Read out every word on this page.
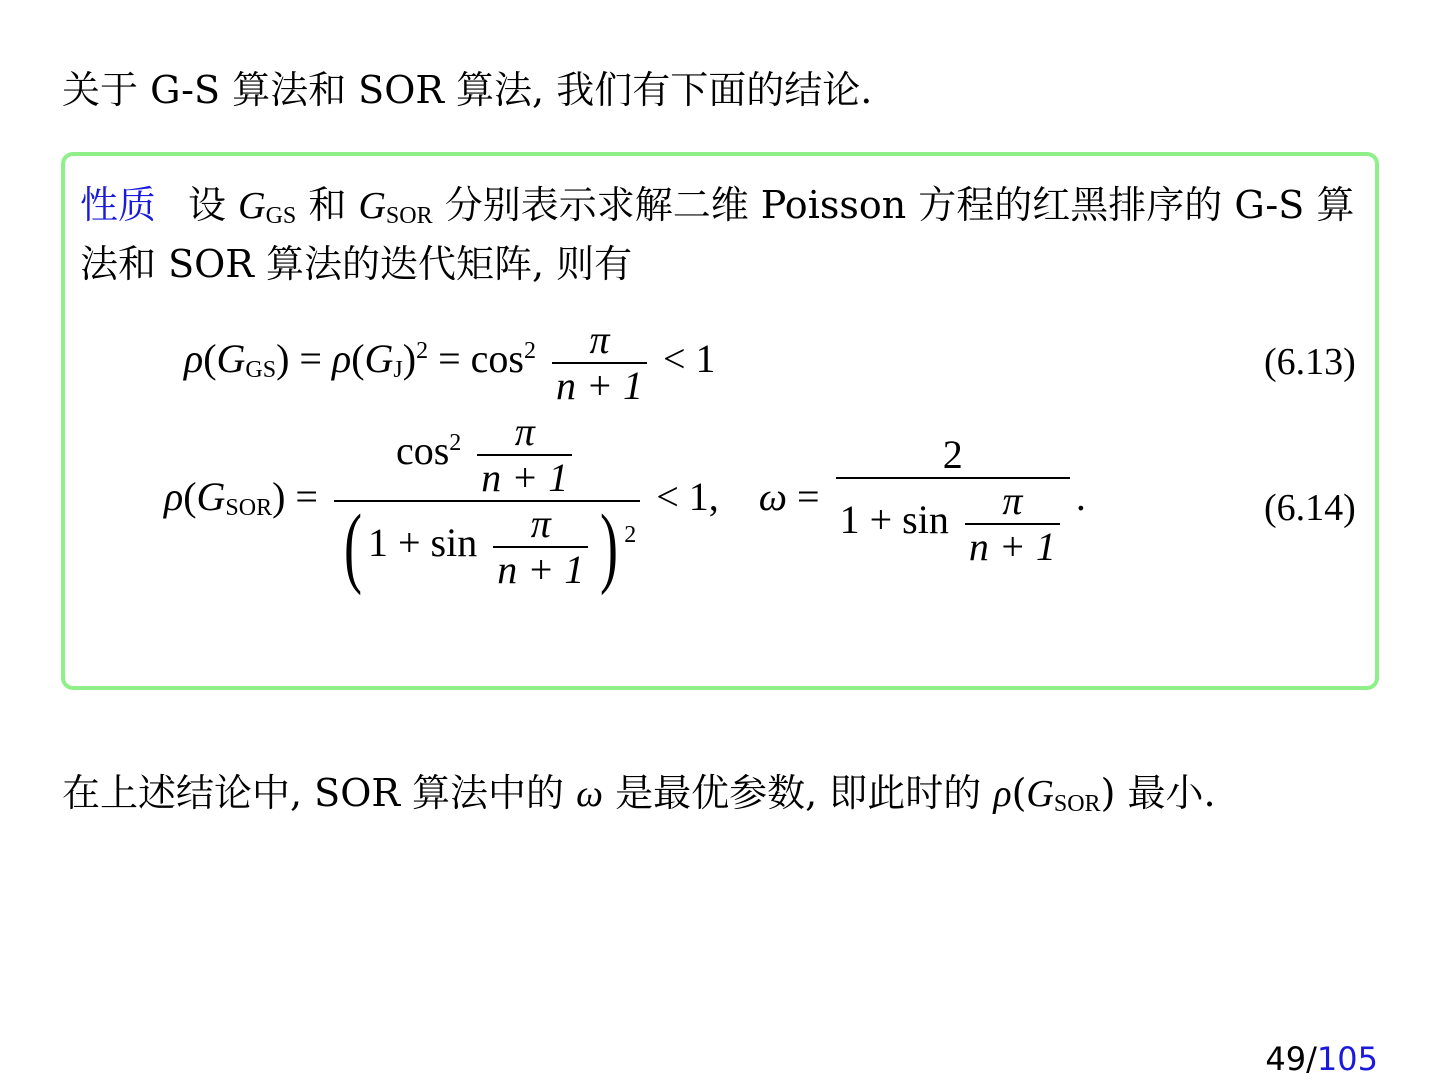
关于 G-S 算法和 SOR 算法, 我们有下面的结论.
性质 设 $G_{GS}$ 和 $G_{SOR}$ 分别表示求解二维 Poisson 方程的红黑排序的 G-S 算法和 SOR 算法的迭代矩阵, 则有
$\rho(G_{GS}) = \rho(G_J)^2 = \cos^2 \frac{\pi}{n + 1} < 1$	(6.13)
$\rho(G_{SOR}) = \frac{\cos^2 \frac{\pi}{n + 1}}{( 1 + \sin \frac{\pi}{n + 1} ) ^2} < 1$, $\omega = \frac{2}{1 + \sin \frac{\pi}{n + 1}}$ .	(6.14)
在上述结论中, SOR 算法中的 ω 是最优参数, 即此时的 $\rho(G_{SOR})$ 最小.
49/105
